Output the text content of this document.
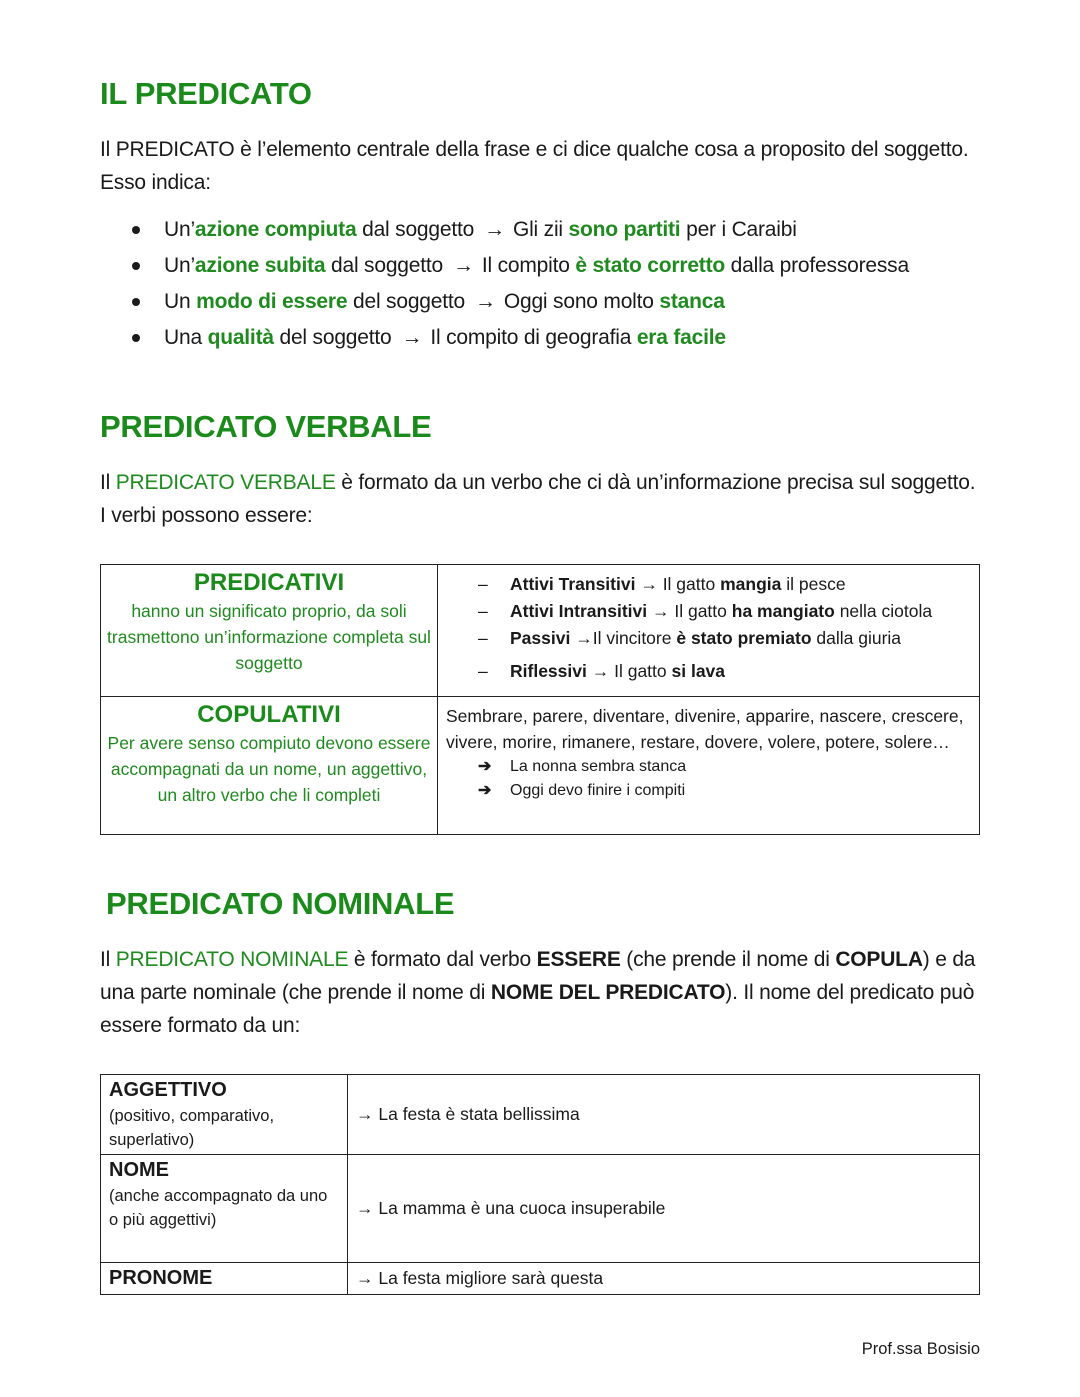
IL PREDICATO

Il PREDICATO è l’elemento centrale della frase e ci dice qualche cosa a proposito del soggetto. Esso indica:

Un’azione compiuta dal soggetto → Gli zii sono partiti per i Caraibi
Un’azione subita dal soggetto → Il compito è stato corretto dalla professoressa
Un modo di essere del soggetto → Oggi sono molto stanca
Una qualità del soggetto → Il compito di geografia era facile
PREDICATO VERBALE

Il PREDICATO VERBALE è formato da un verbo che ci dà un’informazione precisa sul soggetto. I verbi possono essere:

PREDICATIVI
hanno un significato proprio, da soli trasmettono un’informazione completa sul soggetto

– Attivi Transitivi → Il gatto mangia il pesce
– Attivi Intransitivi → Il gatto ha mangiato nella ciotola
– Passivi →Il vincitore è stato premiato dalla giuria
– Riflessivi → Il gatto si lava

COPULATIVI
Per avere senso compiuto devono essere accompagnati da un nome, un aggettivo, un altro verbo che li completi

Sembrare, parere, diventare, divenire, apparire, nascere, crescere, vivere, morire, rimanere, restare, dovere, volere, potere, solere…
➔ La nonna sembra stanca
➔ Oggi devo finire i compiti
PREDICATO NOMINALE

Il PREDICATO NOMINALE è formato dal verbo ESSERE (che prende il nome di COPULA) e da una parte nominale (che prende il nome di NOME DEL PREDICATO). Il nome del predicato può essere formato da un:

AGGETTIVO
(positivo, comparativo, superlativo)	→ La festa è stata bellissima

NOME
(anche accompagnato da uno o più aggettivi)	→ La mamma è una cuoca insuperabile

PRONOME	→ La festa migliore sarà questa
Prof.ssa Bosisio
